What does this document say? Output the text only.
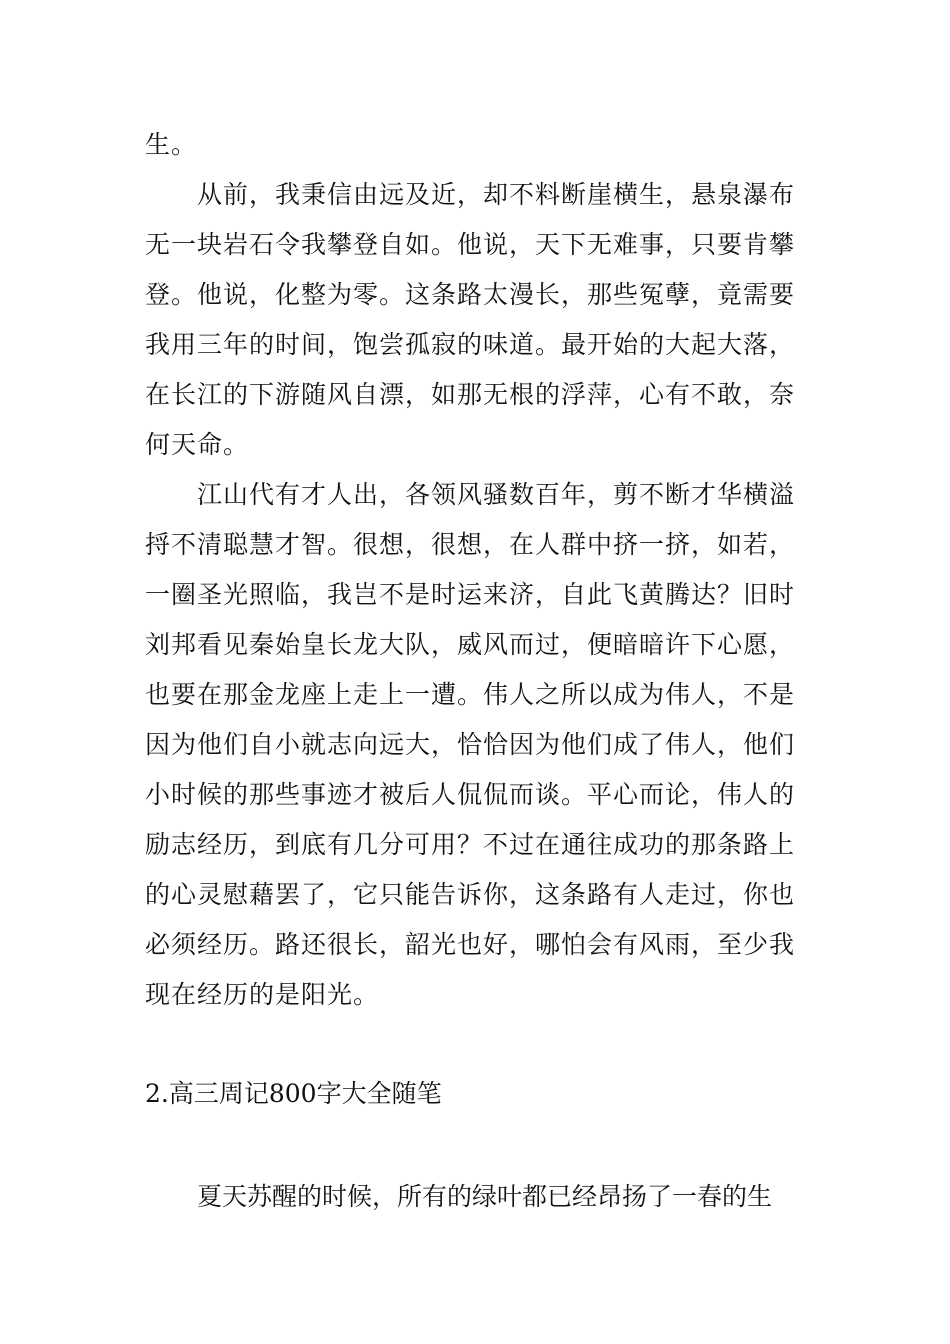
生。

从前，我秉信由远及近，却不料断崖横生，悬泉瀑布无一块岩石令我攀登自如。他说，天下无难事，只要肯攀登。他说，化整为零。这条路太漫长，那些冤孽，竟需要我用三年的时间，饱尝孤寂的味道。最开始的大起大落，在长江的下游随风自漂，如那无根的浮萍，心有不敢，奈何天命。

江山代有才人出，各领风骚数百年，剪不断才华横溢捋不清聪慧才智。很想，很想，在人群中挤一挤，如若，一圈圣光照临，我岂不是时运来济，自此飞黄腾达？旧时刘邦看见秦始皇长龙大队，威风而过，便暗暗许下心愿，也要在那金龙座上走上一遭。伟人之所以成为伟人，不是因为他们自小就志向远大，恰恰因为他们成了伟人，他们小时候的那些事迹才被后人侃侃而谈。平心而论，伟人的励志经历，到底有几分可用？不过在通往成功的那条路上的心灵慰藉罢了，它只能告诉你，这条路有人走过，你也必须经历。路还很长，韶光也好，哪怕会有风雨，至少我现在经历的是阳光。

2.高三周记800字大全随笔

夏天苏醒的时候，所有的绿叶都已经昂扬了一春的生
